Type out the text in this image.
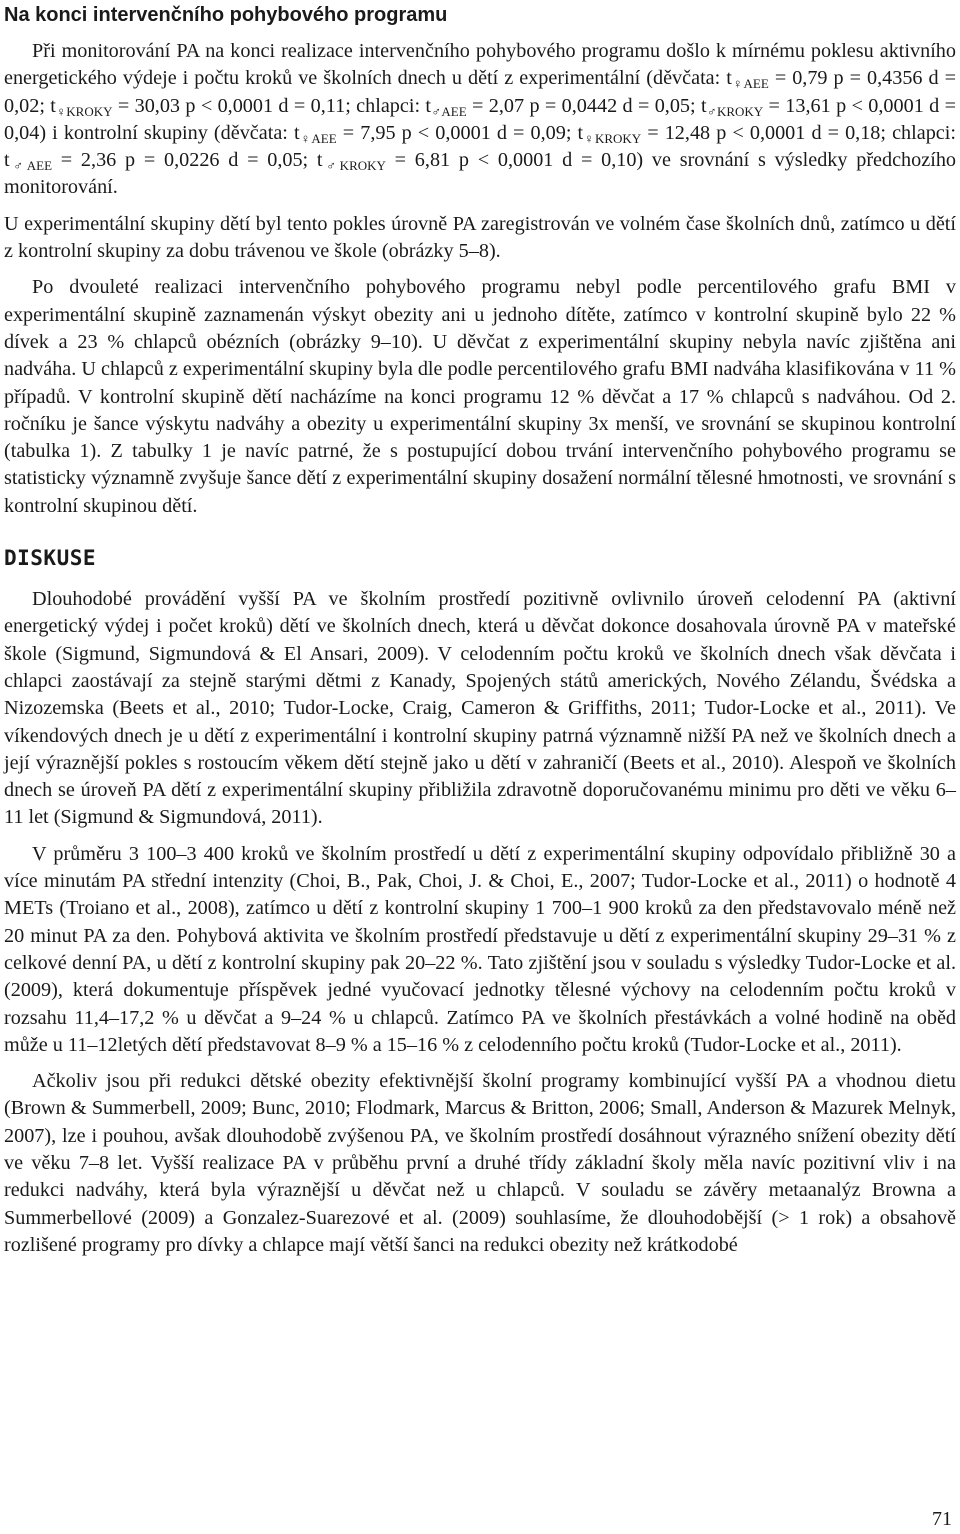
Na konci intervenčního pohybového programu

Při monitorování PA na konci realizace intervenčního pohybového programu došlo k mírnému poklesu aktivního energetického výdeje i počtu kroků ve školních dnech u dětí z experimentální (děvčata: $t_{♀AEE} = 0,79$ p = 0,4356 d = 0,02; $t_{♀KROKY} = 30,03$ p < 0,0001 d = 0,11; chlapci: $t_{♂AEE} = 2,07$ p = 0,0442 d = 0,05; $t_{♂KROKY} = 13,61$ p < 0,0001 d = 0,04) i kontrolní skupiny (děvčata: $t_{♀AEE} = 7,95$ p < 0,0001 d = 0,09; $t_{♀KROKY} = 12,48$ p < 0,0001 d = 0,18; chlapci: $t_{♂AEE} = 2,36$ p = 0,0226 d = 0,05; $t_{♂KROKY} = 6,81$ p < 0,0001 d = 0,10) ve srovnání s výsledky předchozího monitorování.

U experimentální skupiny dětí byl tento pokles úrovně PA zaregistrován ve volném čase školních dnů, zatímco u dětí z kontrolní skupiny za dobu trávenou ve škole (obrázky 5–8).

Po dvouleté realizaci intervenčního pohybového programu nebyl podle percentilového grafu BMI v experimentální skupině zaznamenán výskyt obezity ani u jednoho dítěte, zatímco v kontrolní skupině bylo 22 % dívek a 23 % chlapců obézních (obrázky 9–10). U děvčat z experimentální skupiny nebyla navíc zjištěna ani nadváha. U chlapců z experimentální skupiny byla dle podle percentilového grafu BMI nadváha klasifikována v 11 % případů. V kontrolní skupině dětí nacházíme na konci programu 12 % děvčat a 17 % chlapců s nadváhou. Od 2. ročníku je šance výskytu nadváhy a obezity u experimentální skupiny 3x menší, ve srovnání se skupinou kontrolní (tabulka 1). Z tabulky 1 je navíc patrné, že s postupující dobou trvání intervenčního pohybového programu se statisticky významně zvyšuje šance dětí z experimentální skupiny dosažení normální tělesné hmotnosti, ve srovnání s kontrolní skupinou dětí.

DISKUSE

Dlouhodobé provádění vyšší PA ve školním prostředí pozitivně ovlivnilo úroveň celodenní PA (aktivní energetický výdej i počet kroků) dětí ve školních dnech, která u děvčat dokonce dosahovala úrovně PA v mateřské škole (Sigmund, Sigmundová & El Ansari, 2009). V celodenním počtu kroků ve školních dnech však děvčata i chlapci zaostávají za stejně starými dětmi z Kanady, Spojených států amerických, Nového Zélandu, Švédska a Nizozemska (Beets et al., 2010; Tudor-Locke, Craig, Cameron & Griffiths, 2011; Tudor-Locke et al., 2011). Ve víkendových dnech je u dětí z experimentální i kontrolní skupiny patrná významně nižší PA než ve školních dnech a její výraznější pokles s rostoucím věkem dětí stejně jako u dětí v zahraničí (Beets et al., 2010). Alespoň ve školních dnech se úroveň PA dětí z experimentální skupiny přibližila zdravotně doporučovanému minimu pro děti ve věku 6–11 let (Sigmund & Sigmundová, 2011).

V průměru 3 100–3 400 kroků ve školním prostředí u dětí z experimentální skupiny odpovídalo přibližně 30 a více minutám PA střední intenzity (Choi, B., Pak, Choi, J. & Choi, E., 2007; Tudor-Locke et al., 2011) o hodnotě 4 METs (Troiano et al., 2008), zatímco u dětí z kontrolní skupiny 1 700–1 900 kroků za den představovalo méně než 20 minut PA za den. Pohybová aktivita ve školním prostředí představuje u dětí z experimentální skupiny 29–31 % z celkové denní PA, u dětí z kontrolní skupiny pak 20–22 %. Tato zjištění jsou v souladu s výsledky Tudor-Locke et al. (2009), která dokumentuje příspěvek jedné vyučovací jednotky tělesné výchovy na celodenním počtu kroků v rozsahu 11,4–17,2 % u děvčat a 9–24 % u chlapců. Zatímco PA ve školních přestávkách a volné hodině na oběd může u 11–12letých dětí představovat 8–9 % a 15–16 % z celodenního počtu kroků (Tudor-Locke et al., 2011).

Ačkoliv jsou při redukci dětské obezity efektivnější školní programy kombinující vyšší PA a vhodnou dietu (Brown & Summerbell, 2009; Bunc, 2010; Flodmark, Marcus & Britton, 2006; Small, Anderson & Mazurek Melnyk, 2007), lze i pouhou, avšak dlouhodobě zvýšenou PA, ve školním prostředí dosáhnout výrazného snížení obezity dětí ve věku 7–8 let. Vyšší realizace PA v průběhu první a druhé třídy základní školy měla navíc pozitivní vliv i na redukci nadváhy, která byla výraznější u děvčat než u chlapců. V souladu se závěry metaanalýz Browna a Summerbellové (2009) a Gonzalez-Suarezové et al. (2009) souhlasíme, že dlouhodobější (> 1 rok) a obsahově rozlišené programy pro dívky a chlapce mají větší šanci na redukci obezity než krátkodobé

71
